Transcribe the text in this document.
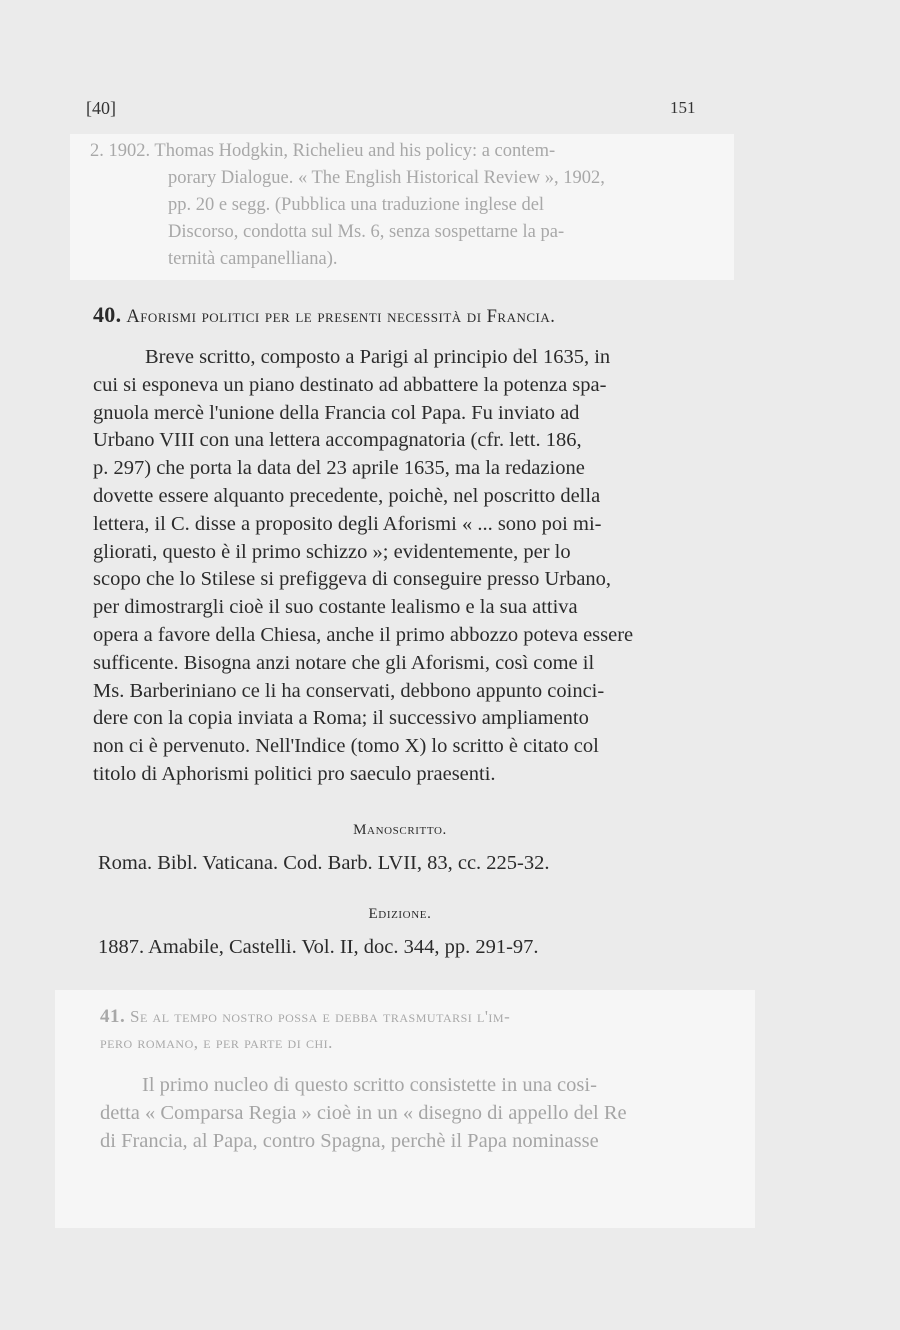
[40]	151
2. 1902. Thomas Hodgkin, Richelieu and his policy: a contem-
porary Dialogue. « The English Historical Review », 1902,
pp. 20 e segg. (Pubblica una traduzione inglese del
Discorso, condotta sul Ms. 6, senza sospettarne la pa-
ternità campanelliana).
40. Aforismi politici per le presenti necessità di Francia.
Breve scritto, composto a Parigi al principio del 1635, in
cui si esponeva un piano destinato ad abbattere la potenza spa-
gnuola mercè l'unione della Francia col Papa. Fu inviato ad
Urbano VIII con una lettera accompagnatoria (cfr. lett. 186,
p. 297) che porta la data del 23 aprile 1635, ma la redazione
dovette essere alquanto precedente, poichè, nel poscritto della
lettera, il C. disse a proposito degli Aforismi « ... sono poi mi-
gliorati, questo è il primo schizzo »; evidentemente, per lo
scopo che lo Stilese si prefiggeva di conseguire presso Urbano,
per dimostrargli cioè il suo costante lealismo e la sua attiva
opera a favore della Chiesa, anche il primo abbozzo poteva essere
sufficente. Bisogna anzi notare che gli Aforismi, così come il
Ms. Barberiniano ce li ha conservati, debbono appunto coinci-
dere con la copia inviata a Roma; il successivo ampliamento
non ci è pervenuto. Nell'Indice (tomo X) lo scritto è citato col
titolo di Aphorismi politici pro saeculo praesenti.
Manoscritto.
Roma. Bibl. Vaticana. Cod. Barb. LVII, 83, cc. 225-32.
Edizione.
1887. Amabile, Castelli. Vol. II, doc. 344, pp. 291-97.
41. Se al tempo nostro possa e debba trasmutarsi l'im-
pero romano, e per parte di chi.
Il primo nucleo di questo scritto consistette in una cosi-
detta « Comparsa Regia » cioè in un « disegno di appello del Re
di Francia, al Papa, contro Spagna, perchè il Papa nominasse
